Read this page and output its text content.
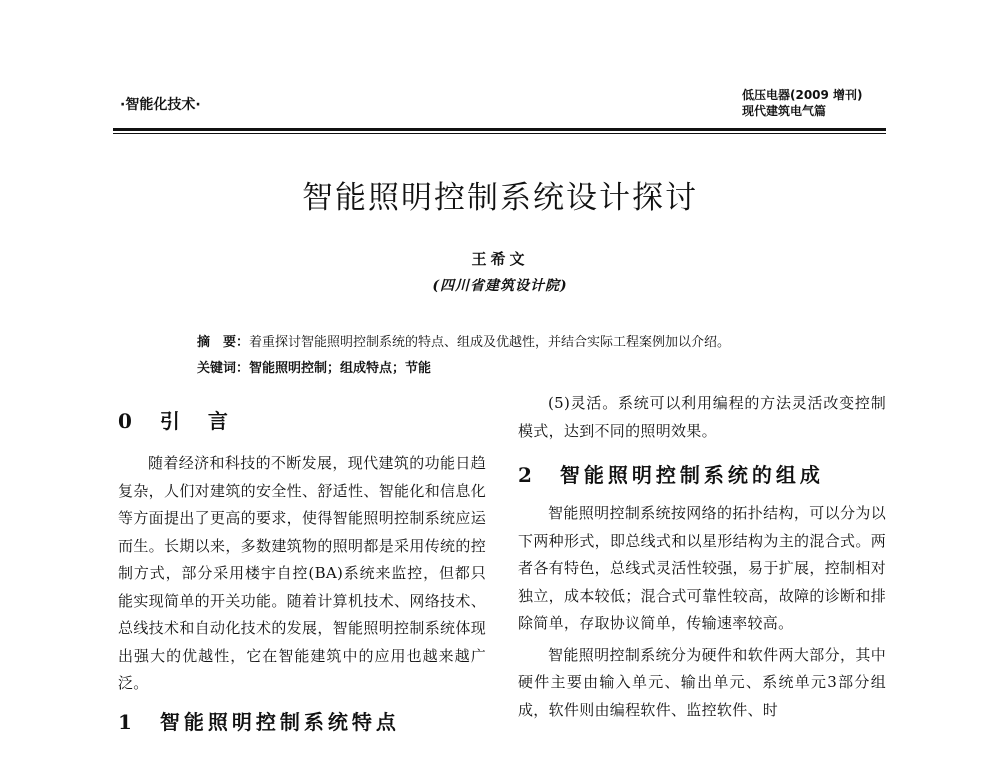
·智能化技术·
低压电器(2009 增刊)
现代建筑电气篇
智能照明控制系统设计探讨
王希文
(四川省建筑设计院)
摘　要：着重探讨智能照明控制系统的特点、组成及优越性，并结合实际工程案例加以介绍。
关键词：智能照明控制；组成特点；节能
0　引　言

随着经济和科技的不断发展，现代建筑的功能日趋复杂，人们对建筑的安全性、舒适性、智能化和信息化等方面提出了更高的要求，使得智能照明控制系统应运而生。长期以来，多数建筑物的照明都是采用传统的控制方式，部分采用楼宇自控(BA)系统来监控，但都只能实现简单的开关功能。随着计算机技术、网络技术、总线技术和自动化技术的发展，智能照明控制系统体现出强大的优越性，它在智能建筑中的应用也越来越广泛。

1　智能照明控制系统特点

(5)灵活。系统可以利用编程的方法灵活改变控制模式，达到不同的照明效果。

2　智能照明控制系统的组成

智能照明控制系统按网络的拓扑结构，可以分为以下两种形式，即总线式和以星形结构为主的混合式。两者各有特色，总线式灵活性较强，易于扩展，控制相对独立，成本较低；混合式可靠性较高，故障的诊断和排除简单，存取协议简单，传输速率较高。

智能照明控制系统分为硬件和软件两大部分，其中硬件主要由输入单元、输出单元、系统单元3部分组成，软件则由编程软件、监控软件、时
